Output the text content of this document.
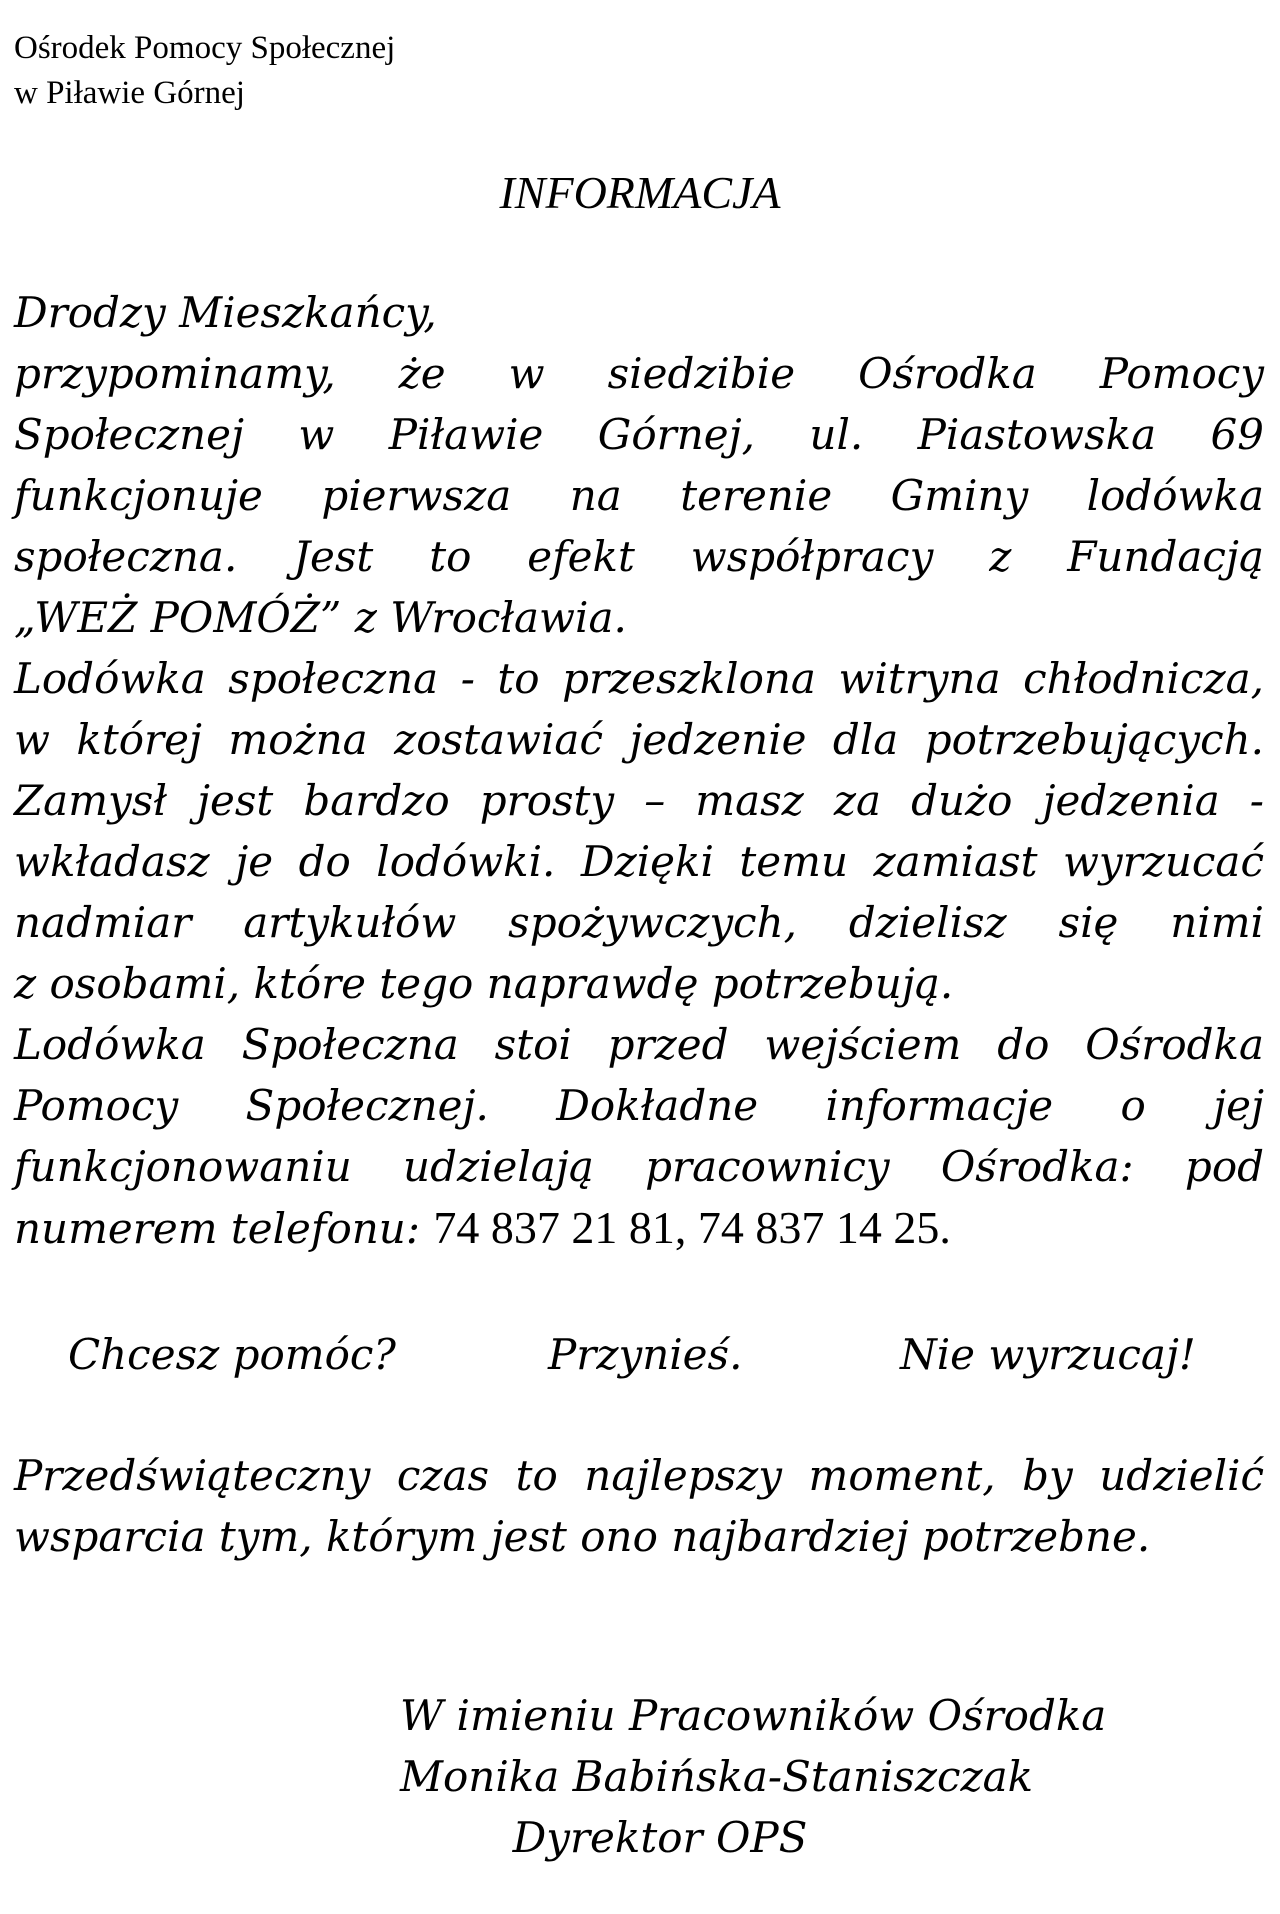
Ośrodek Pomocy Społecznej
w Piławie Górnej
INFORMACJA
Drodzy Mieszkańcy,
przypominamy, że w siedzibie Ośrodka Pomocy
Społecznej w Piławie Górnej, ul. Piastowska 69
funkcjonuje pierwsza na terenie Gminy lodówka
społeczna. Jest to efekt współpracy z Fundacją
„WEŻ POMÓŻ” z Wrocławia.
Lodówka społeczna - to przeszklona witryna chłodnicza,
w której można zostawiać jedzenie dla potrzebujących.
Zamysł jest bardzo prosty – masz za dużo jedzenia -
wkładasz je do lodówki. Dzięki temu zamiast wyrzucać
nadmiar artykułów spożywczych, dzielisz się nimi
z osobami, które tego naprawdę potrzebują.
Lodówka Społeczna stoi przed wejściem do Ośrodka
Pomocy Społecznej. Dokładne informacje o jej
funkcjonowaniu udzielają pracownicy Ośrodka: pod
numerem telefonu: 74 837 21 81, 74 837 14 25.
Chcesz pomóc?	Przynieś.	Nie wyrzucaj!
Przedświąteczny czas to najlepszy moment, by udzielić
wsparcia tym, którym jest ono najbardziej potrzebne.
W imieniu Pracowników Ośrodka
Monika Babińska-Staniszczak
Dyrektor OPS
